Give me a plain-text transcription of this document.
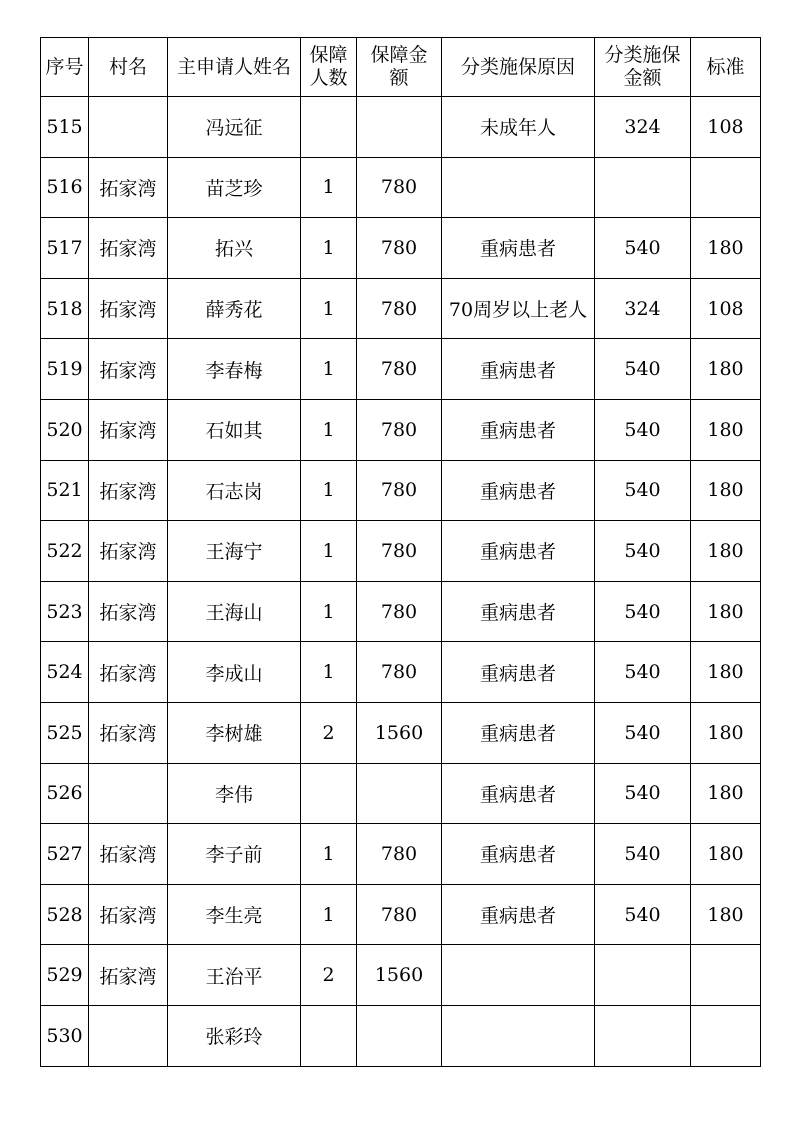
序号	村名	主申请人姓名	保障人数	保障金额	分类施保原因	分类施保金额	标准
515		冯远征			未成年人	324	108
516	拓家湾	苗芝珍	1	780			
517	拓家湾	拓兴	1	780	重病患者	540	180
518	拓家湾	薛秀花	1	780	70周岁以上老人	324	108
519	拓家湾	李春梅	1	780	重病患者	540	180
520	拓家湾	石如其	1	780	重病患者	540	180
521	拓家湾	石志岗	1	780	重病患者	540	180
522	拓家湾	王海宁	1	780	重病患者	540	180
523	拓家湾	王海山	1	780	重病患者	540	180
524	拓家湾	李成山	1	780	重病患者	540	180
525	拓家湾	李树雄	2	1560	重病患者	540	180
526		李伟			重病患者	540	180
527	拓家湾	李子前	1	780	重病患者	540	180
528	拓家湾	李生亮	1	780	重病患者	540	180
529	拓家湾	王治平	2	1560			
530		张彩玲					
